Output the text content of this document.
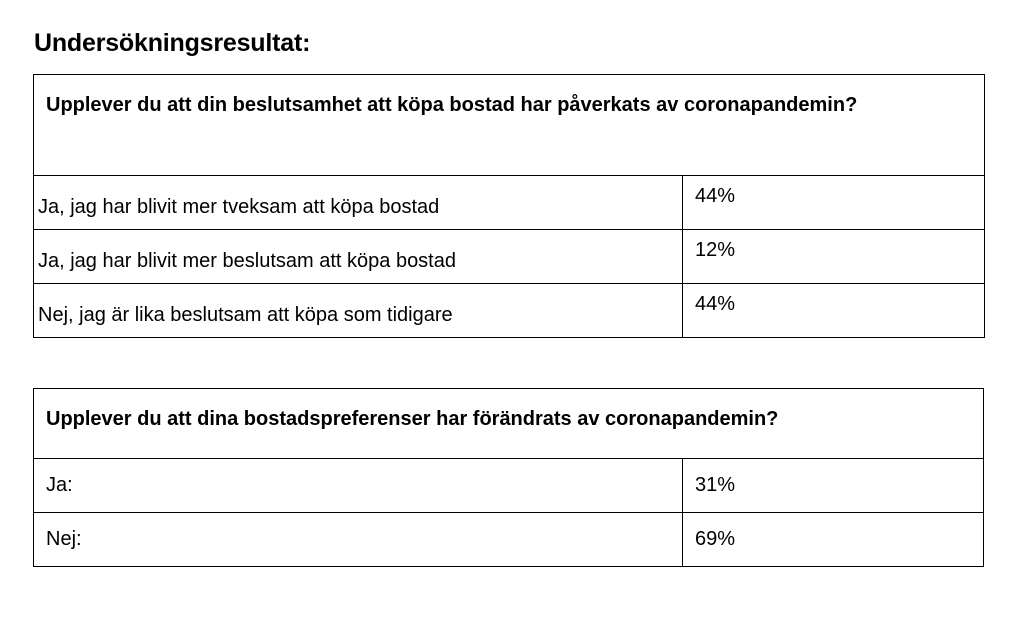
Undersökningsresultat:
Upplever du att din beslutsamhet att köpa bostad har påverkats av coronapandemin?	
Ja, jag har blivit mer tveksam att köpa bostad	44%
Ja, jag har blivit mer beslutsam att köpa bostad	12%
Nej, jag är lika beslutsam att köpa som tidigare	44%
Upplever du att dina bostadspreferenser har förändrats av coronapandemin?	
Ja:	31%
Nej:	69%
